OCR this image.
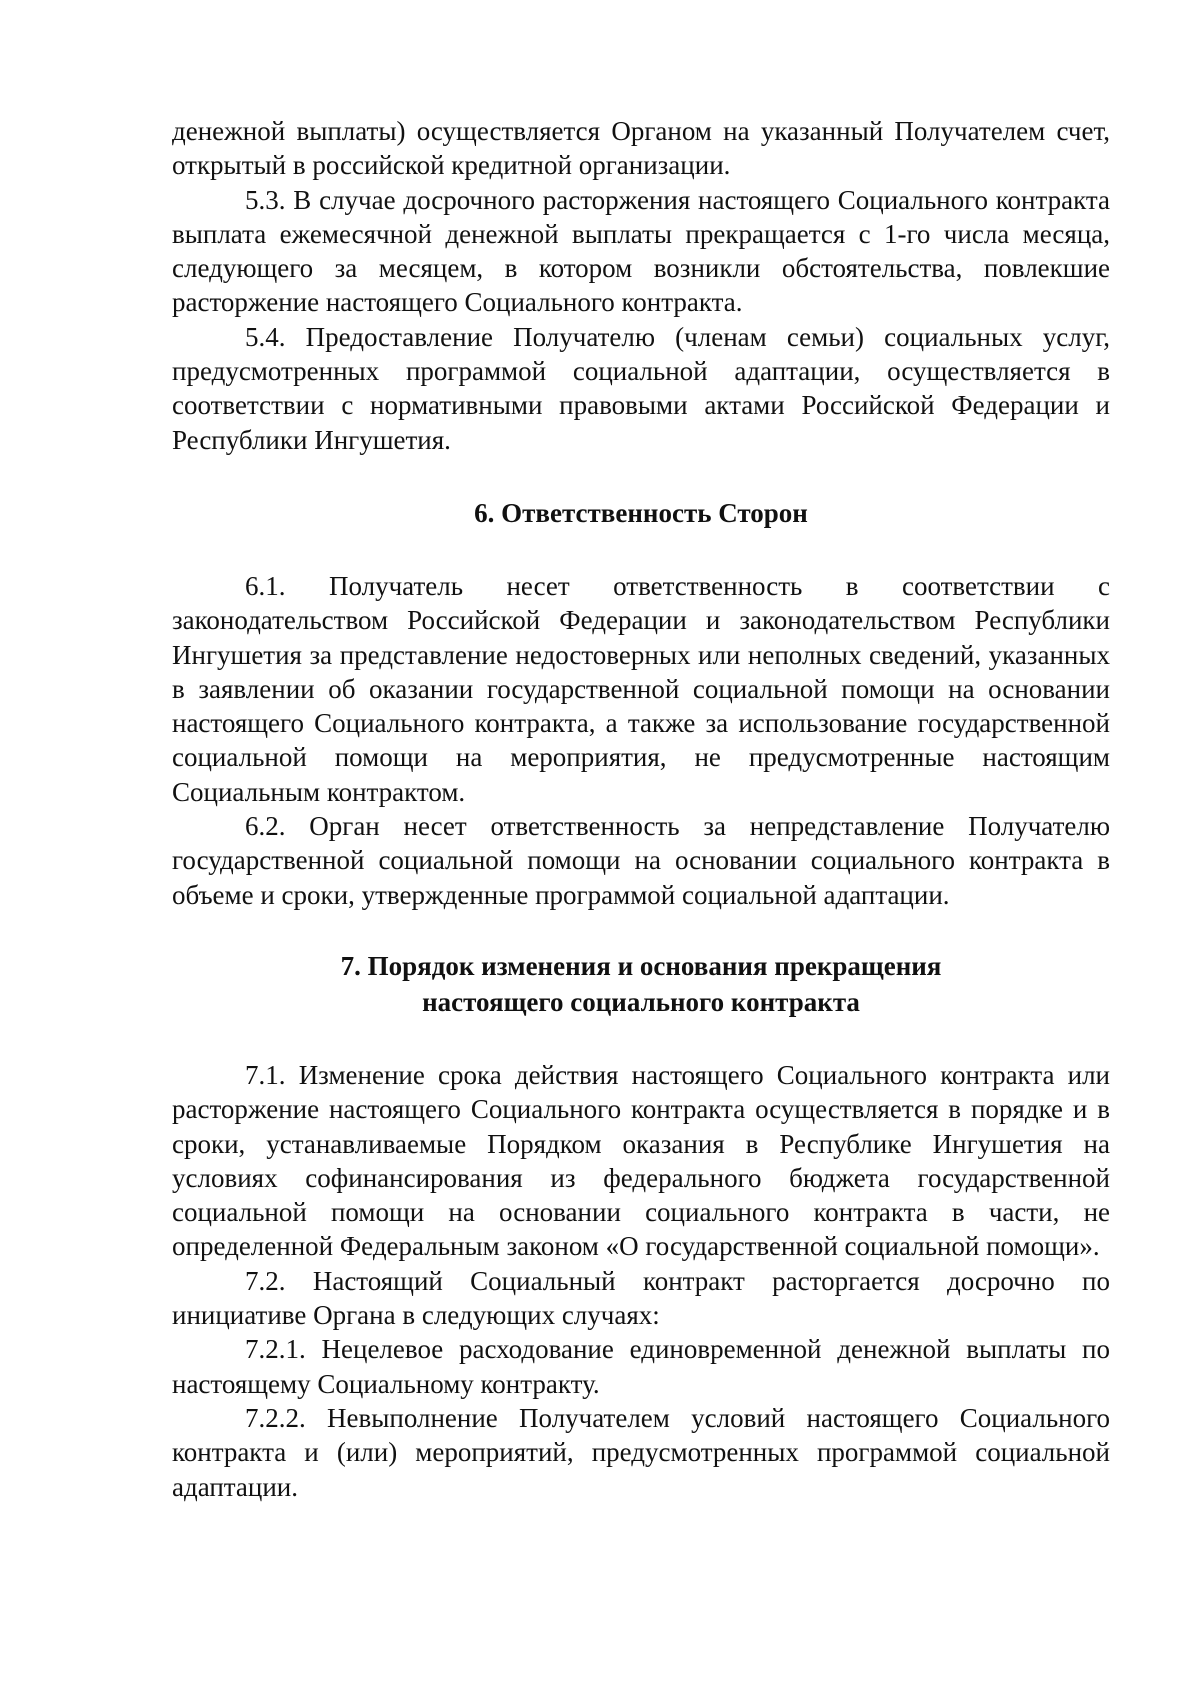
денежной выплаты) осуществляется Органом на указанный Получателем счет, открытый в российской кредитной организации.

5.3. В случае досрочного расторжения настоящего Социального контракта выплата ежемесячной денежной выплаты прекращается с 1-го числа месяца, следующего за месяцем, в котором возникли обстоятельства, повлекшие расторжение настоящего Социального контракта.

5.4. Предоставление Получателю (членам семьи) социальных услуг, предусмотренных программой социальной адаптации, осуществляется в соответствии с нормативными правовыми актами Российской Федерации и Республики Ингушетия.

6. Ответственность Сторон

6.1. Получатель несет ответственность в соответствии с законодательством Российской Федерации и законодательством Республики Ингушетия за представление недостоверных или неполных сведений, указанных в заявлении об оказании государственной социальной помощи на основании настоящего Социального контракта, а также за использование государственной социальной помощи на мероприятия, не предусмотренные настоящим Социальным контрактом.

6.2. Орган несет ответственность за непредставление Получателю государственной социальной помощи на основании социального контракта в объеме и сроки, утвержденные программой социальной адаптации.

7. Порядок изменения и основания прекращения
настоящего социального контракта

7.1. Изменение срока действия настоящего Социального контракта или расторжение настоящего Социального контракта осуществляется в порядке и в сроки, устанавливаемые Порядком оказания в Республике Ингушетия на условиях софинансирования из федерального бюджета государственной социальной помощи на основании социального контракта в части, не определенной Федеральным законом «О государственной социальной помощи».

7.2. Настоящий Социальный контракт расторгается досрочно по инициативе Органа в следующих случаях:

7.2.1. Нецелевое расходование единовременной денежной выплаты по настоящему Социальному контракту.

7.2.2. Невыполнение Получателем условий настоящего Социального контракта и (или) мероприятий, предусмотренных программой социальной адаптации.
